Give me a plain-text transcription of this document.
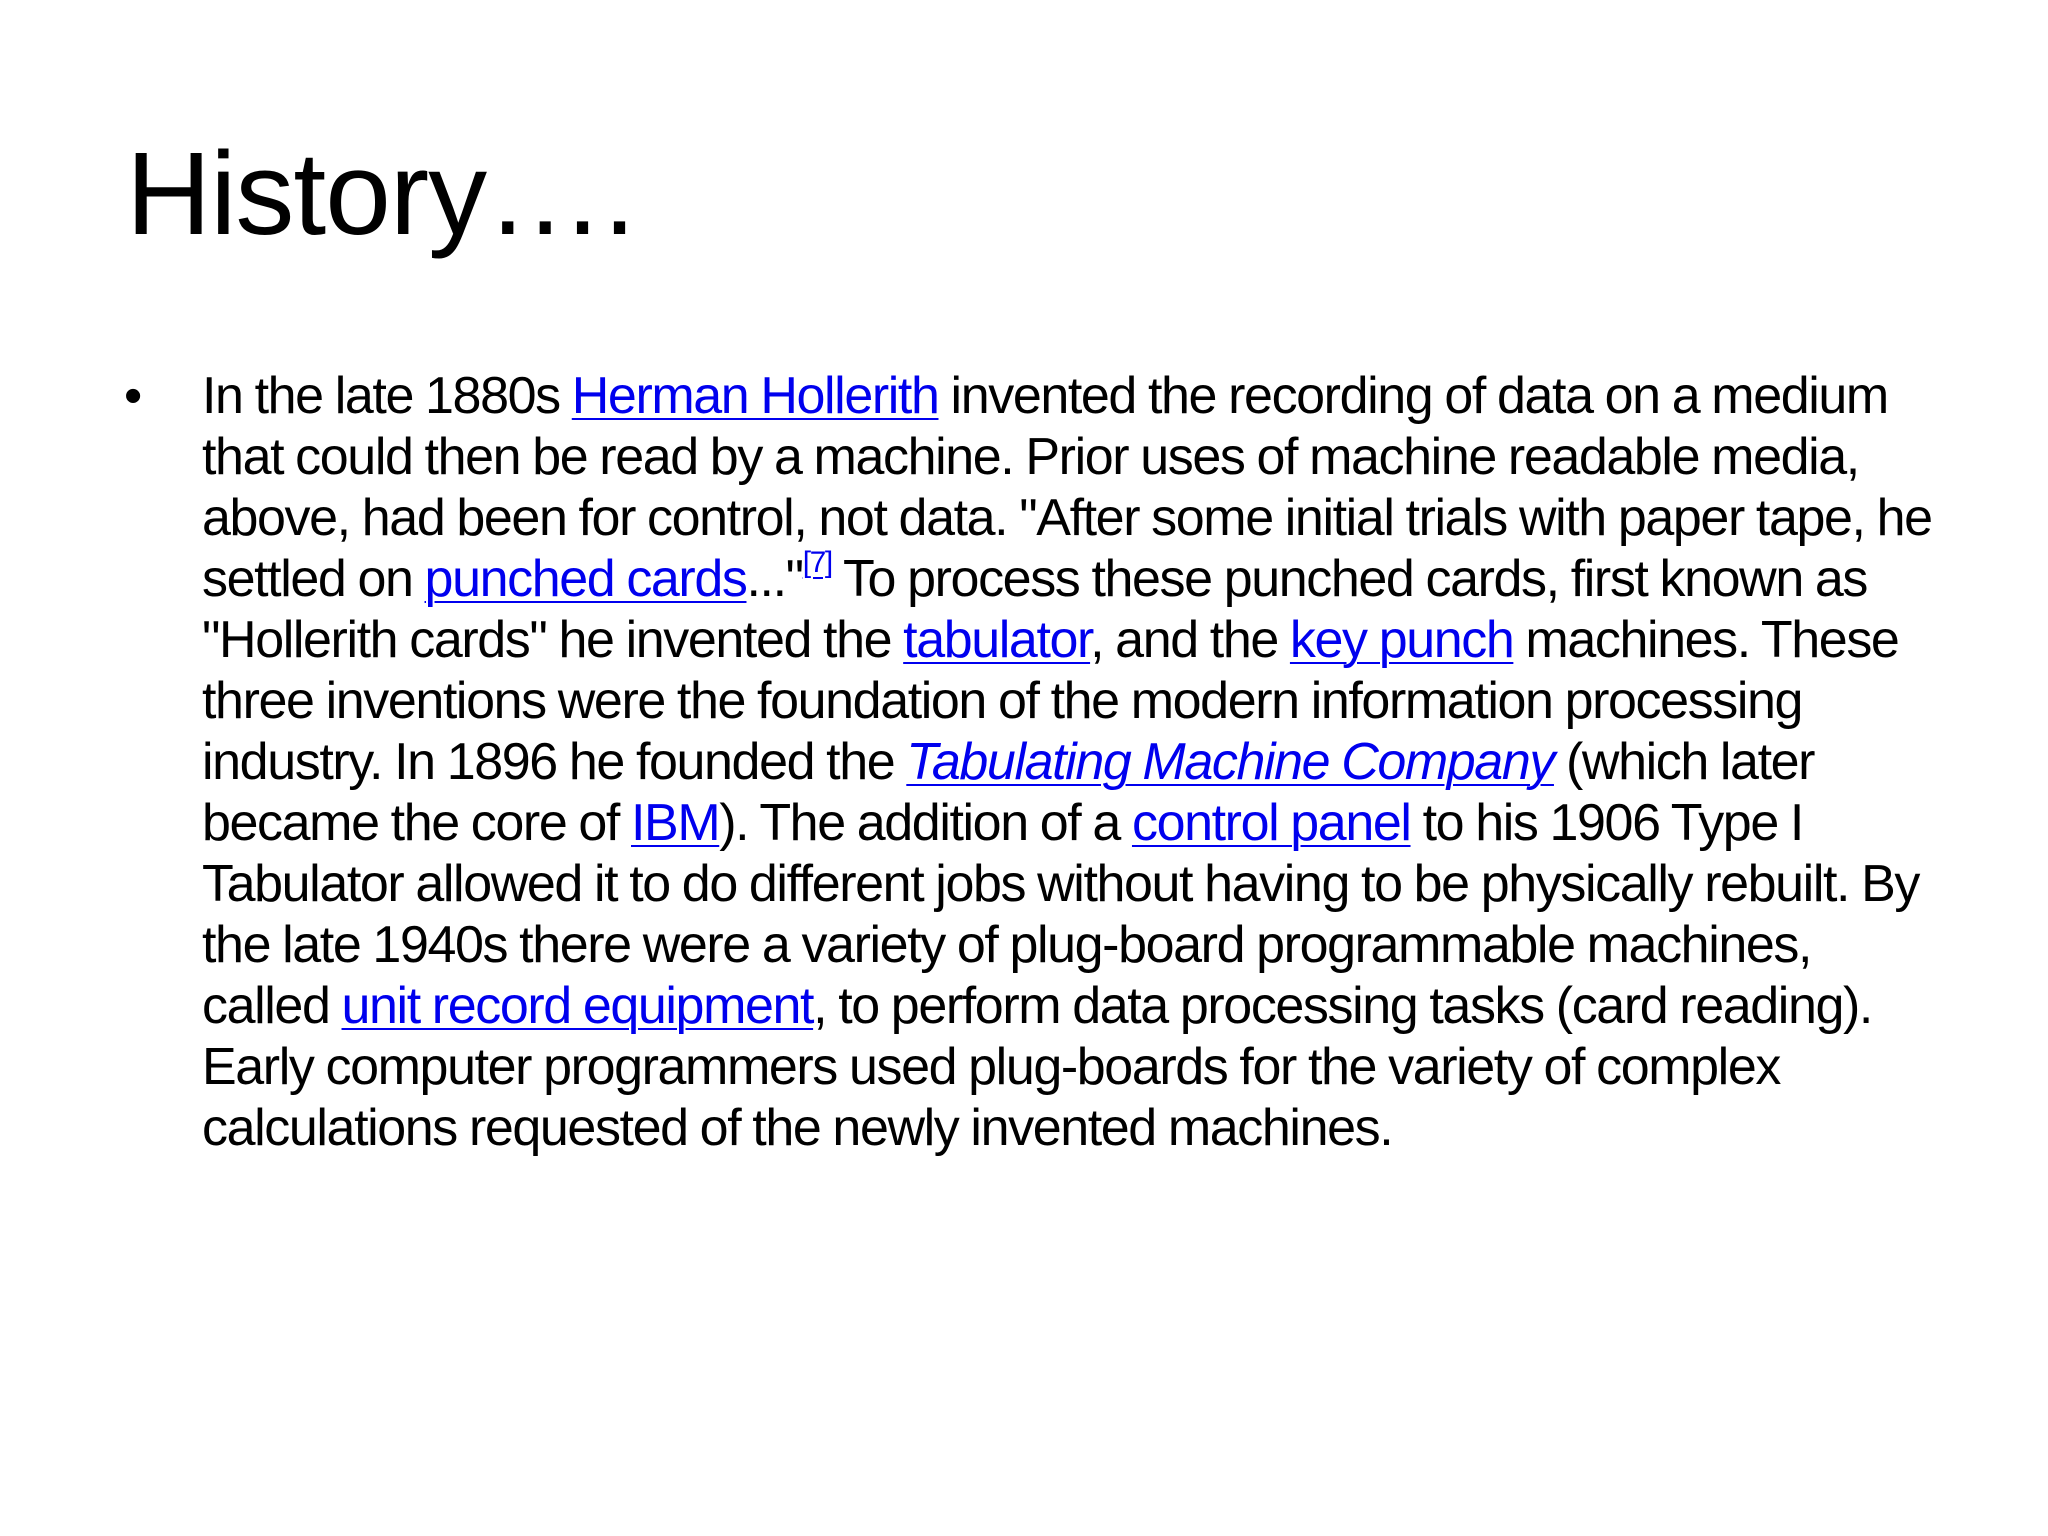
History….
• In the late 1880s Herman Hollerith invented the recording of data on a medium that could then be read by a machine. Prior uses of machine readable media, above, had been for control, not data. "After some initial trials with paper tape, he settled on punched cards..."[7] To process these punched cards, first known as "Hollerith cards" he invented the tabulator, and the key punch machines. These three inventions were the foundation of the modern information processing industry. In 1896 he founded the Tabulating Machine Company (which later became the core of IBM). The addition of a control panel to his 1906 Type I Tabulator allowed it to do different jobs without having to be physically rebuilt. By the late 1940s there were a variety of plug-board programmable machines, called unit record equipment, to perform data processing tasks (card reading). Early computer programmers used plug-boards for the variety of complex calculations requested of the newly invented machines.
